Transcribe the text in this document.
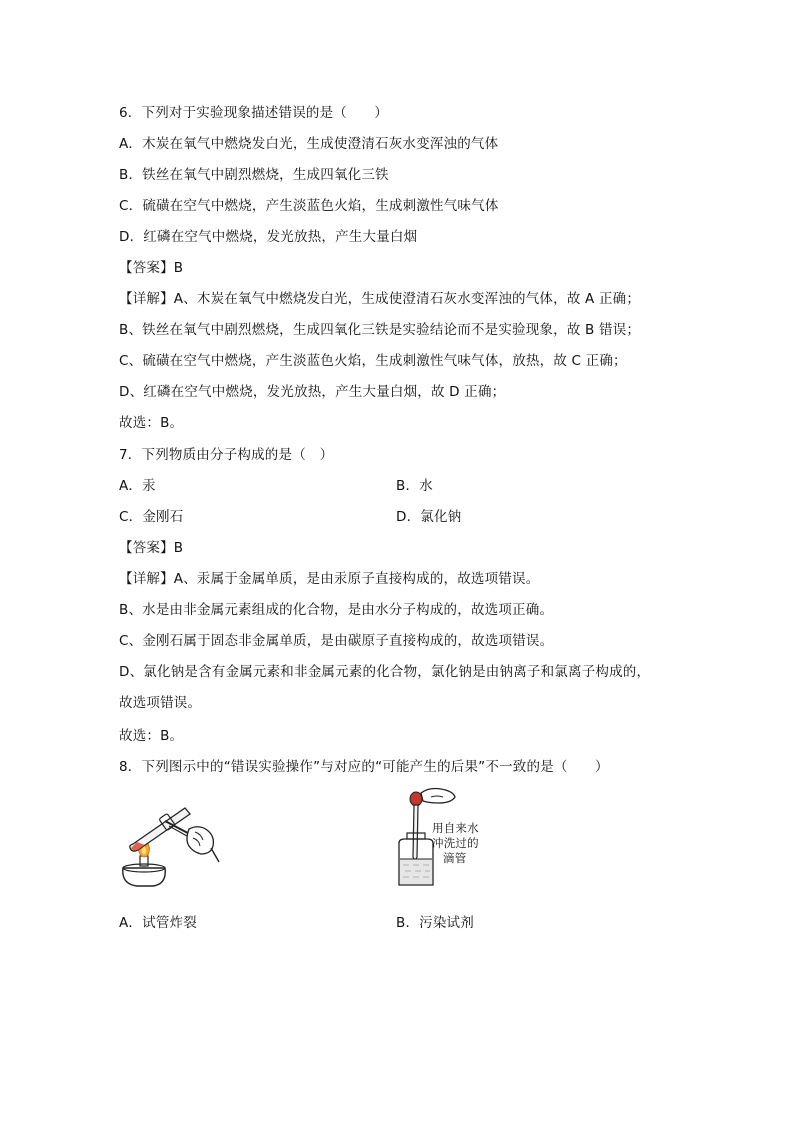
6．下列对于实验现象描述错误的是（　　）
A．木炭在氧气中燃烧发白光，生成使澄清石灰水变浑浊的气体
B．铁丝在氧气中剧烈燃烧，生成四氧化三铁
C．硫磺在空气中燃烧，产生淡蓝色火焰，生成刺激性气味气体
D．红磷在空气中燃烧，发光放热，产生大量白烟
【答案】B
【详解】A、木炭在氧气中燃烧发白光，生成使澄清石灰水变浑浊的气体，故 A 正确；
B、铁丝在氧气中剧烈燃烧，生成四氧化三铁是实验结论而不是实验现象，故 B 错误；
C、硫磺在空气中燃烧，产生淡蓝色火焰，生成刺激性气味气体，放热，故 C 正确；
D、红磷在空气中燃烧，发光放热，产生大量白烟，故 D 正确；
故选：B。
7．下列物质由分子构成的是（　）
A．汞	B．水
C．金刚石	D．氯化钠
【答案】B
【详解】A、汞属于金属单质，是由汞原子直接构成的，故选项错误。
B、水是由非金属元素组成的化合物，是由水分子构成的，故选项正确。
C、金刚石属于固态非金属单质，是由碳原子直接构成的，故选项错误。
D、氯化钠是含有金属元素和非金属元素的化合物，氯化钠是由钠离子和氯离子构成的，
故选项错误。
故选：B。
8．下列图示中的“错误实验操作”与对应的“可能产生的后果”不一致的是（　　）
用自来水
冲洗过的
滴管
A．试管炸裂	B．污染试剂
